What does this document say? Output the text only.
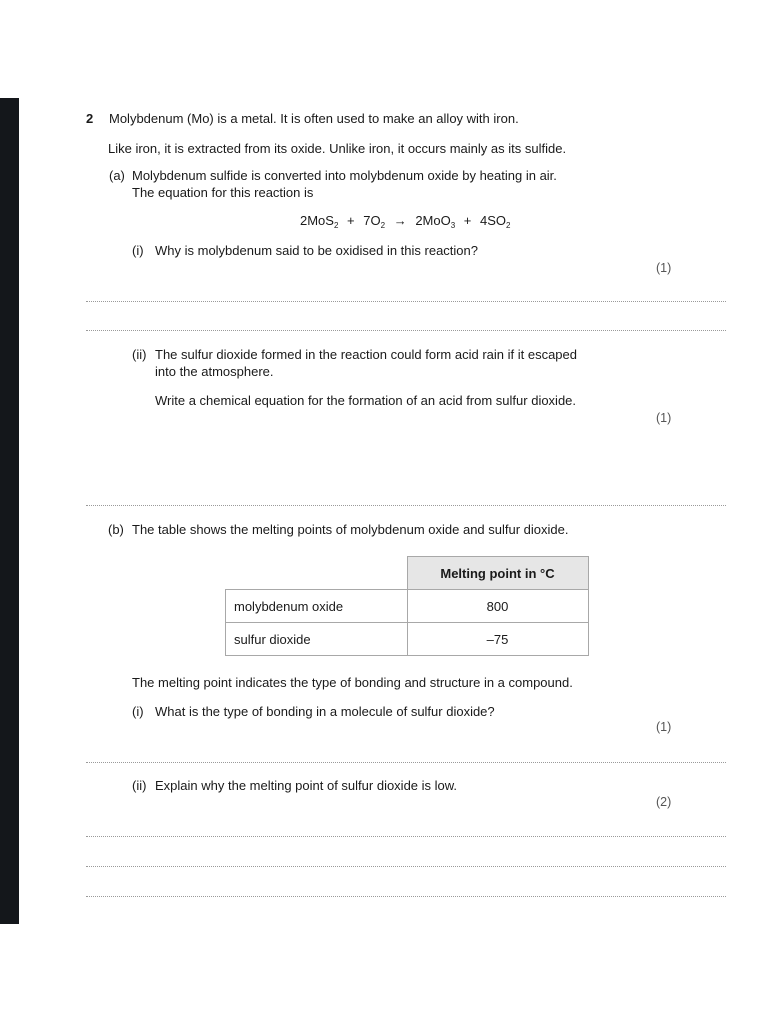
2 Molybdenum (Mo) is a metal. It is often used to make an alloy with iron.
Like iron, it is extracted from its oxide. Unlike iron, it occurs mainly as its sulfide.
(a) Molybdenum sulfide is converted into molybdenum oxide by heating in air.
The equation for this reaction is
$2MoS_2 + 7O_2 \to 2MoO_3 + 4SO_2$
(i) Why is molybdenum said to be oxidised in this reaction?
(1)
(ii) The sulfur dioxide formed in the reaction could form acid rain if it escaped
into the atmosphere.
Write a chemical equation for the formation of an acid from sulfur dioxide.
(1)
(b) The table shows the melting points of molybdenum oxide and sulfur dioxide.
	Melting point in °C
molybdenum oxide	800
sulfur dioxide	–75
The melting point indicates the type of bonding and structure in a compound.
(i) What is the type of bonding in a molecule of sulfur dioxide?
(1)
(ii) Explain why the melting point of sulfur dioxide is low.
(2)
